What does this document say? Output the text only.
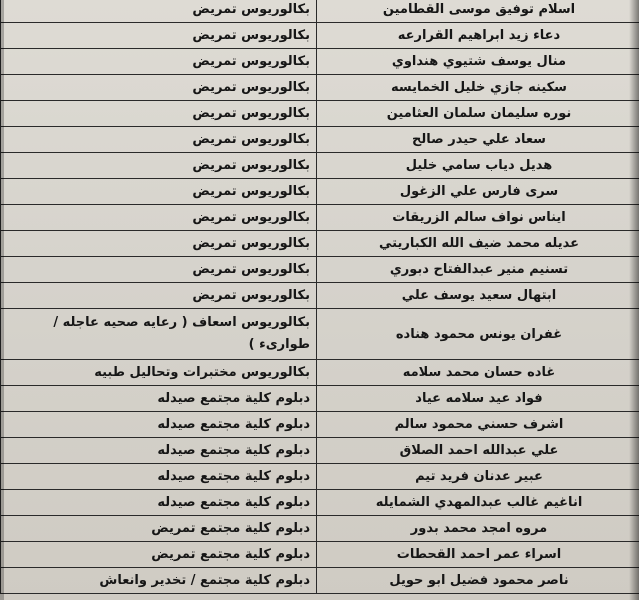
اسلام توفيق موسى القطامين	بكالوريوس تمريض
دعاء زيد ابراهيم القرارعه	بكالوريوس تمريض
منال يوسف شتيوي هنداوي	بكالوريوس تمريض
سكينه جازي خليل الخمايسه	بكالوريوس تمريض
نوره سليمان سلمان العثامين	بكالوريوس تمريض
سعاد علي حيدر صالح	بكالوريوس تمريض
هديل دياب سامي خليل	بكالوريوس تمريض
سرى فارس علي الزغول	بكالوريوس تمريض
ايناس نواف سالم الزريقات	بكالوريوس تمريض
عديله محمد ضيف الله الكباريتي	بكالوريوس تمريض
تسنيم منير عبدالفتاح دبوري	بكالوريوس تمريض
ابتهال سعيد يوسف علي	بكالوريوس تمريض
غفران يونس محمود هناده	بكالوريوس اسعاف ( رعايه صحيه عاجله / طوارىء )
غاده حسان محمد سلامه	بكالوريوس مختبرات وتحاليل طبيه
فواد عيد سلامه عياد	دبلوم كلية مجتمع صيدله
اشرف حسني محمود سالم	دبلوم كلية مجتمع صيدله
علي عبدالله احمد الصلاق	دبلوم كلية مجتمع صيدله
عبير عدنان فريد تيم	دبلوم كلية مجتمع صيدله
اناغيم غالب عبدالمهدي الشمايله	دبلوم كلية مجتمع صيدله
مروه امجد محمد بدور	دبلوم كلية مجتمع تمريض
اسراء عمر احمد القحطات	دبلوم كلية مجتمع تمريض
ناصر محمود فضيل ابو حويل	دبلوم كلية مجتمع / تخدير وانعاش
